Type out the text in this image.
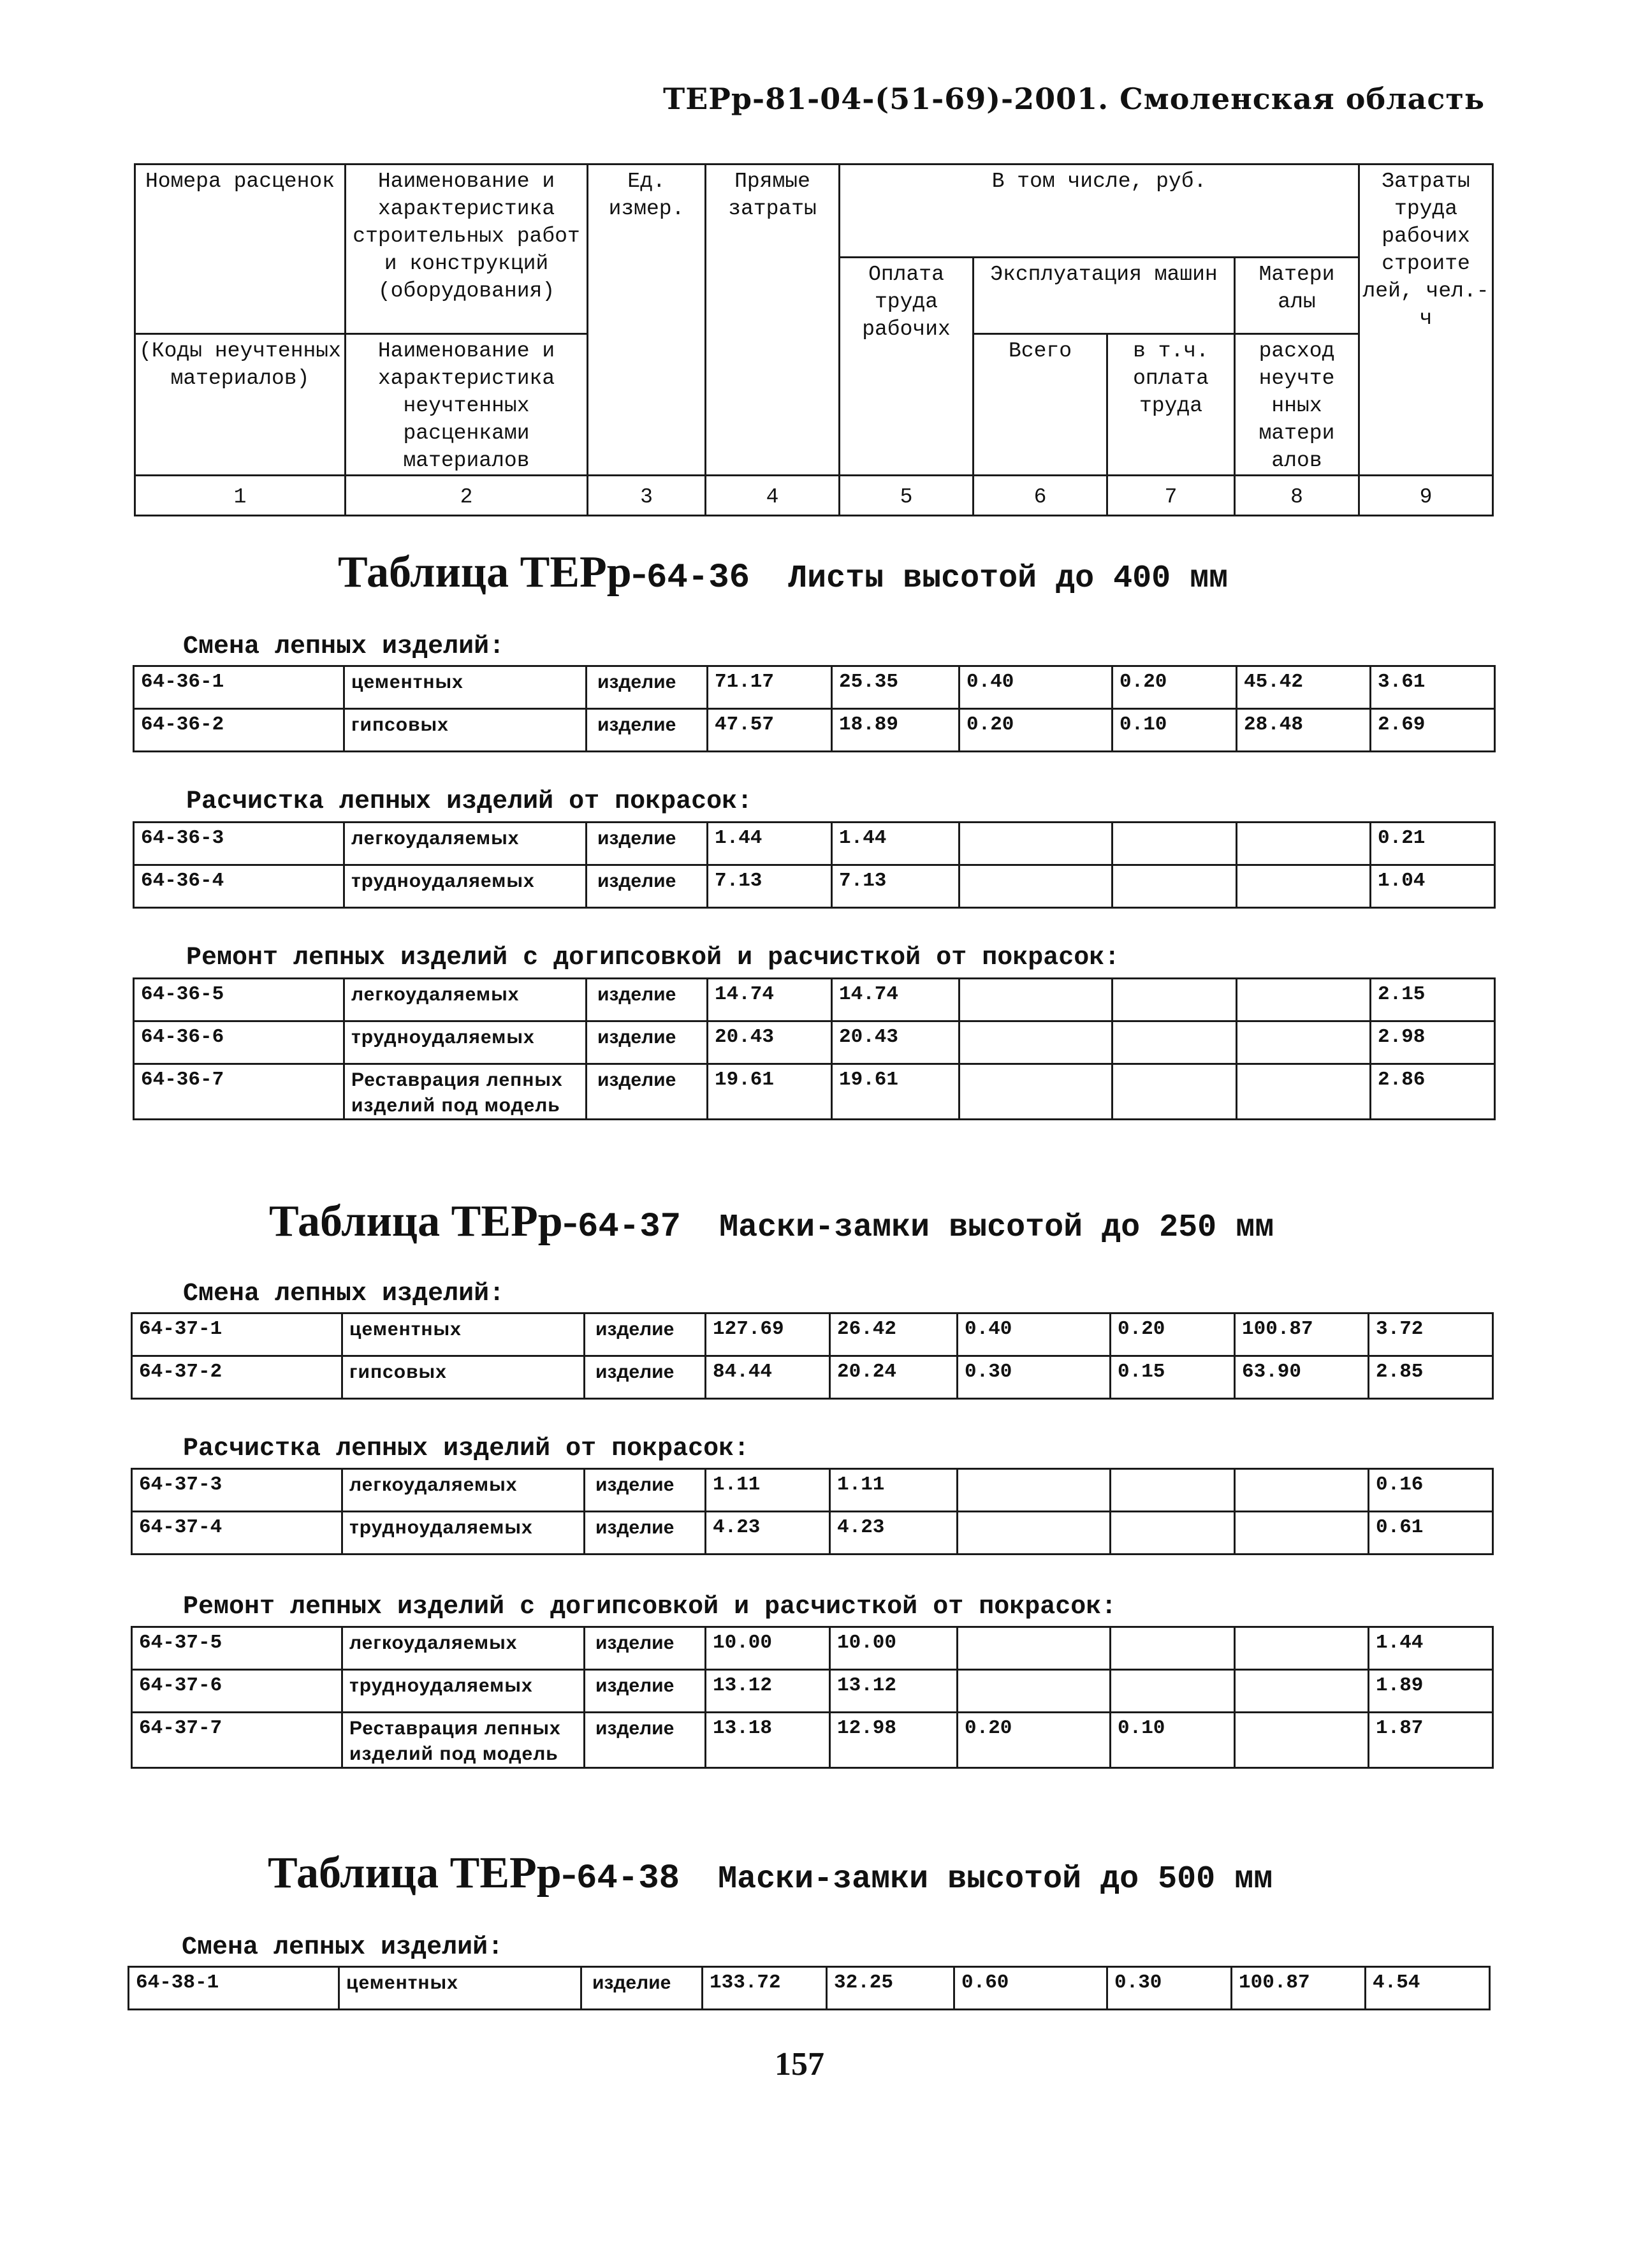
ТЕРр-81-04-(51-69)-2001. Смоленская область
Номера расценок	Наименование и характеристика строительных работ и конструкций (оборудования)	Ед. измер.	Прямые затраты	В том числе, руб.				Затраты труда рабочих строите лей, чел.-ч
				Оплата труда рабочих	Эксплуатация машин		Матери алы	
(Коды неучтенных материалов)	Наименование и характеристика неучтенных расценками материалов				Всего	в т.ч. оплата труда	расход неучте нных матери алов	

1	2	3	4	5	6	7	8	9
Таблица ТЕРр-64-36 Листы высотой до 400 мм
Смена лепных изделий:
64-36-1	цементных	изделие	71.17	25.35	0.40	0.20	45.42	3.61
64-36-2	гипсовых	изделие	47.57	18.89	0.20	0.10	28.48	2.69
Расчистка лепных изделий от покрасок:
64-36-3	легкоудаляемых	изделие	1.44	1.44				0.21
64-36-4	трудноудаляемых	изделие	7.13	7.13				1.04
Ремонт лепных изделий с догипсовкой и расчисткой от покрасок:
64-36-5	легкоудаляемых	изделие	14.74	14.74				2.15
64-36-6	трудноудаляемых	изделие	20.43	20.43				2.98
64-36-7	Реставрация лепных изделий под модель	изделие	19.61	19.61				2.86
Таблица ТЕРр-64-37 Маски-замки высотой до 250 мм
Смена лепных изделий:
64-37-1	цементных	изделие	127.69	26.42	0.40	0.20	100.87	3.72
64-37-2	гипсовых	изделие	84.44	20.24	0.30	0.15	63.90	2.85
Расчистка лепных изделий от покрасок:
64-37-3	легкоудаляемых	изделие	1.11	1.11				0.16
64-37-4	трудноудаляемых	изделие	4.23	4.23				0.61
Ремонт лепных изделий с догипсовкой и расчисткой от покрасок:
64-37-5	легкоудаляемых	изделие	10.00	10.00				1.44
64-37-6	трудноудаляемых	изделие	13.12	13.12				1.89
64-37-7	Реставрация лепных изделий под модель	изделие	13.18	12.98	0.20	0.10		1.87
Таблица ТЕРр-64-38 Маски-замки высотой до 500 мм
Смена лепных изделий:
64-38-1	цементных	изделие	133.72	32.25	0.60	0.30	100.87	4.54
157
